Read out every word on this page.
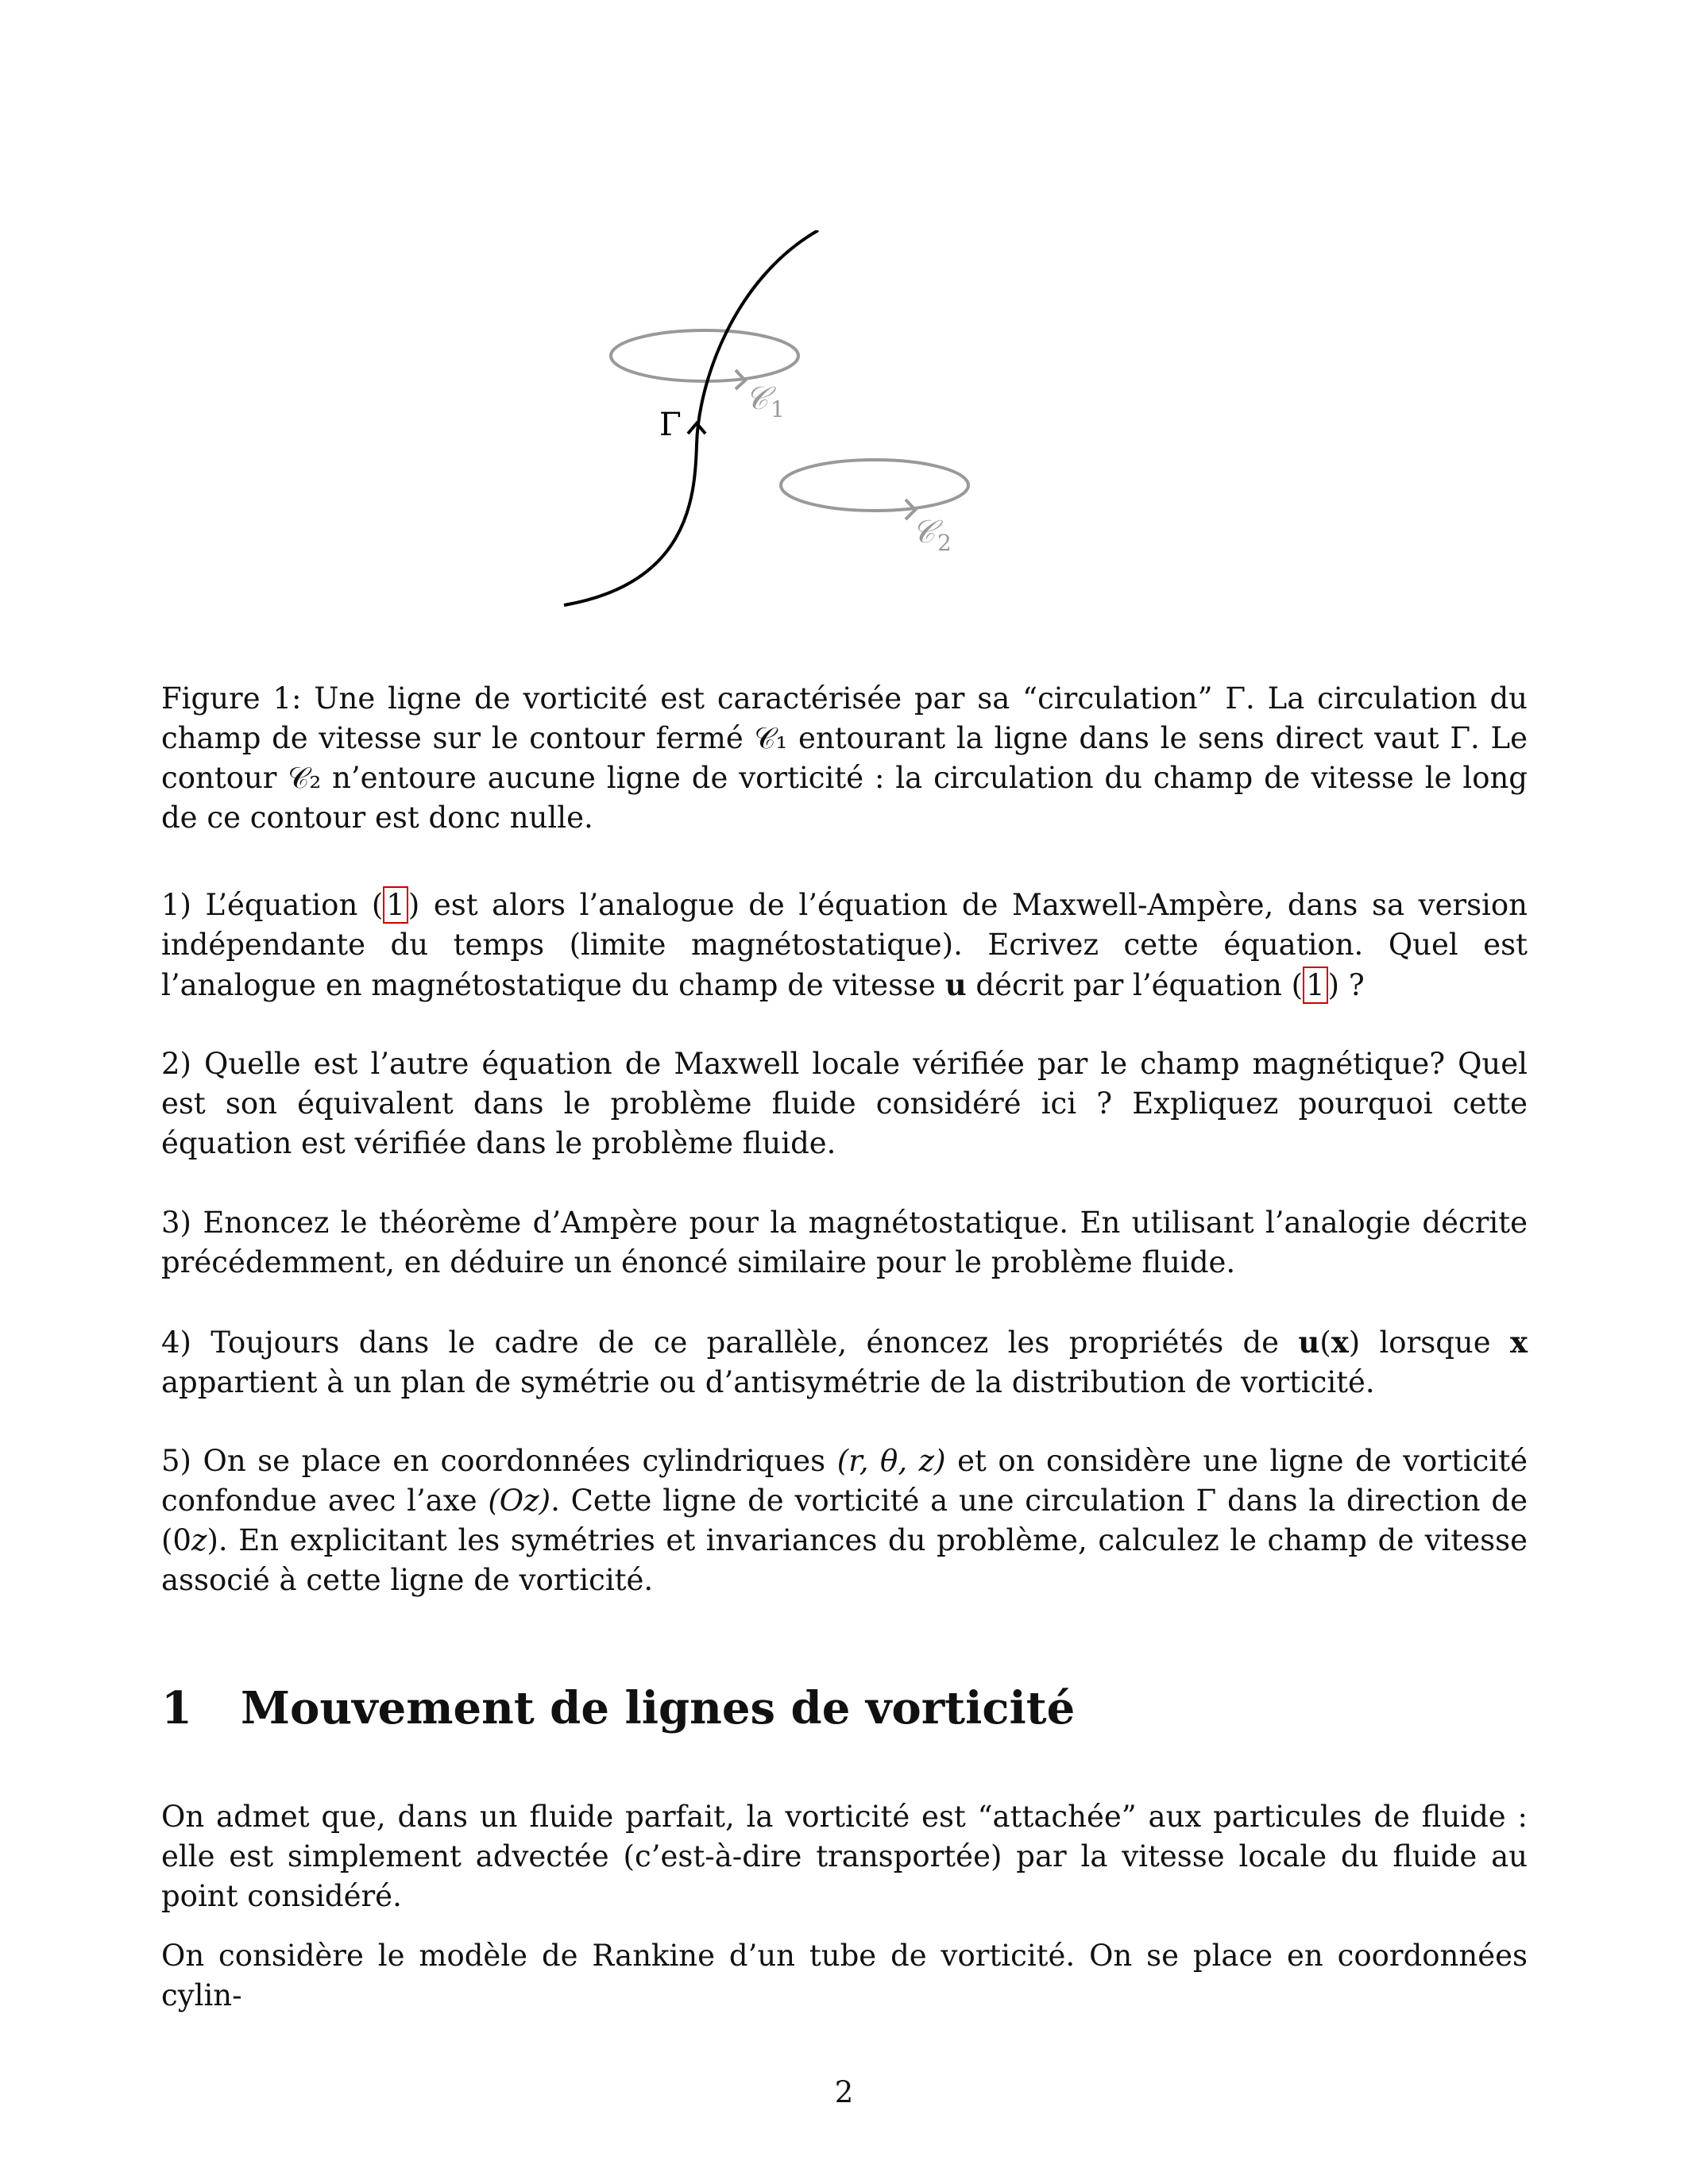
Γ
𝒞 1
𝒞 2
Figure 1: Une ligne de vorticité est caractérisée par sa “circulation” Γ. La circulation du champ de vitesse sur le contour fermé 𝒞₁ entourant la ligne dans le sens direct vaut Γ. Le contour 𝒞₂ n’entoure aucune ligne de vorticité : la circulation du champ de vitesse le long de ce contour est donc nulle.
1) L’équation ( 1 ) est alors l’analogue de l’équation de Maxwell-Ampère, dans sa version indépendante du temps (limite magnétostatique). Ecrivez cette équation. Quel est l’analogue en magnétostatique du champ de vitesse u décrit par l’équation ( 1 ) ?
2) Quelle est l’autre équation de Maxwell locale vérifiée par le champ magnétique? Quel est son équivalent dans le problème fluide considéré ici ? Expliquez pourquoi cette équation est vérifiée dans le problème fluide.
3) Enoncez le théorème d’Ampère pour la magnétostatique. En utilisant l’analogie décrite précédemment, en déduire un énoncé similaire pour le problème fluide.
4) Toujours dans le cadre de ce parallèle, énoncez les propriétés de u(x) lorsque x appartient à un plan de symétrie ou d’antisymétrie de la distribution de vorticité.
5) On se place en coordonnées cylindriques (r, θ, z) et on considère une ligne de vorticité confondue avec l’axe (Oz). Cette ligne de vorticité a une circulation Γ dans la direction de (0z). En explicitant les symétries et invariances du problème, calculez le champ de vitesse associé à cette ligne de vorticité.
1 Mouvement de lignes de vorticité
On admet que, dans un fluide parfait, la vorticité est “attachée” aux particules de fluide : elle est simplement advectée (c’est-à-dire transportée) par la vitesse locale du fluide au point considéré.
On considère le modèle de Rankine d’un tube de vorticité. On se place en coordonnées cylin-
2
